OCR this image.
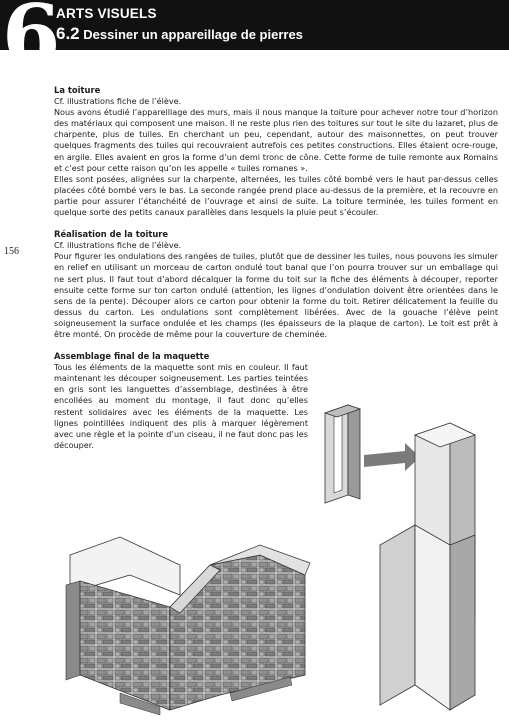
6
ARTS VISUELS
6.2 Dessiner un appareillage de pierres
156

La toiture

Cf. illustrations fiche de l’élève.

Nous avons étudié l’appareillage des murs, mais il nous manque la toiture pour achever notre tour d’horizon des matériaux qui composent une maison. Il ne reste plus rien des toitures sur tout le site du lazaret, plus de charpente, plus de tuiles. En cherchant un peu, cependant, autour des maisonnettes, on peut trouver quelques fragments des tuiles qui recouvraient autrefois ces petites constructions. Elles étaient ocre-rouge, en argile. Elles avaient en gros la forme d’un demi tronc de cône. Cette forme de tuile remonte aux Romains et c’est pour cette raison qu’on les appelle « tuiles romanes ».

Elles sont posées, alignées sur la charpente, alternées, les tuiles côté bombé vers le haut par-dessus celles placées côté bombé vers le bas. La seconde rangée prend place au-dessus de la première, et la recouvre en partie pour assurer l’étanchéité de l’ouvrage et ainsi de suite. La toiture terminée, les tuiles forment en quelque sorte des petits canaux parallèles dans lesquels la pluie peut s’écouler.

Réalisation de la toiture

Cf. illustrations fiche de l’élève.

Pour figurer les ondulations des rangées de tuiles, plutôt que de dessiner les tuiles, nous pouvons les simuler en relief en utilisant un morceau de carton ondulé tout banal que l’on pourra trouver sur un emballage qui ne sert plus. Il faut tout d’abord décalquer la forme du toit sur la fiche des éléments à découper, reporter ensuite cette forme sur ton carton ondulé (attention, les lignes d’ondulation doivent être orientées dans le sens de la pente). Découper alors ce carton pour obtenir la forme du toit. Retirer délicatement la feuille du dessus du carton. Les ondulations sont complètement libérées. Avec de la gouache l’élève peint soigneusement la surface ondulée et les champs (les épaisseurs de la plaque de carton). Le toit est prêt à être monté. On procède de même pour la couverture de cheminée.

Assemblage final de la maquette

Tous les éléments de la maquette sont mis en couleur. Il faut maintenant les découper soigneusement. Les parties teintées en gris sont les languettes d’assemblage, destinées à être encollées au moment du montage, il faut donc qu’elles restent solidaires avec les éléments de la maquette. Les lignes pointillées indiquent des plis à marquer légèrement avec une règle et la pointe d’un ciseau, il ne faut donc pas les découper.
